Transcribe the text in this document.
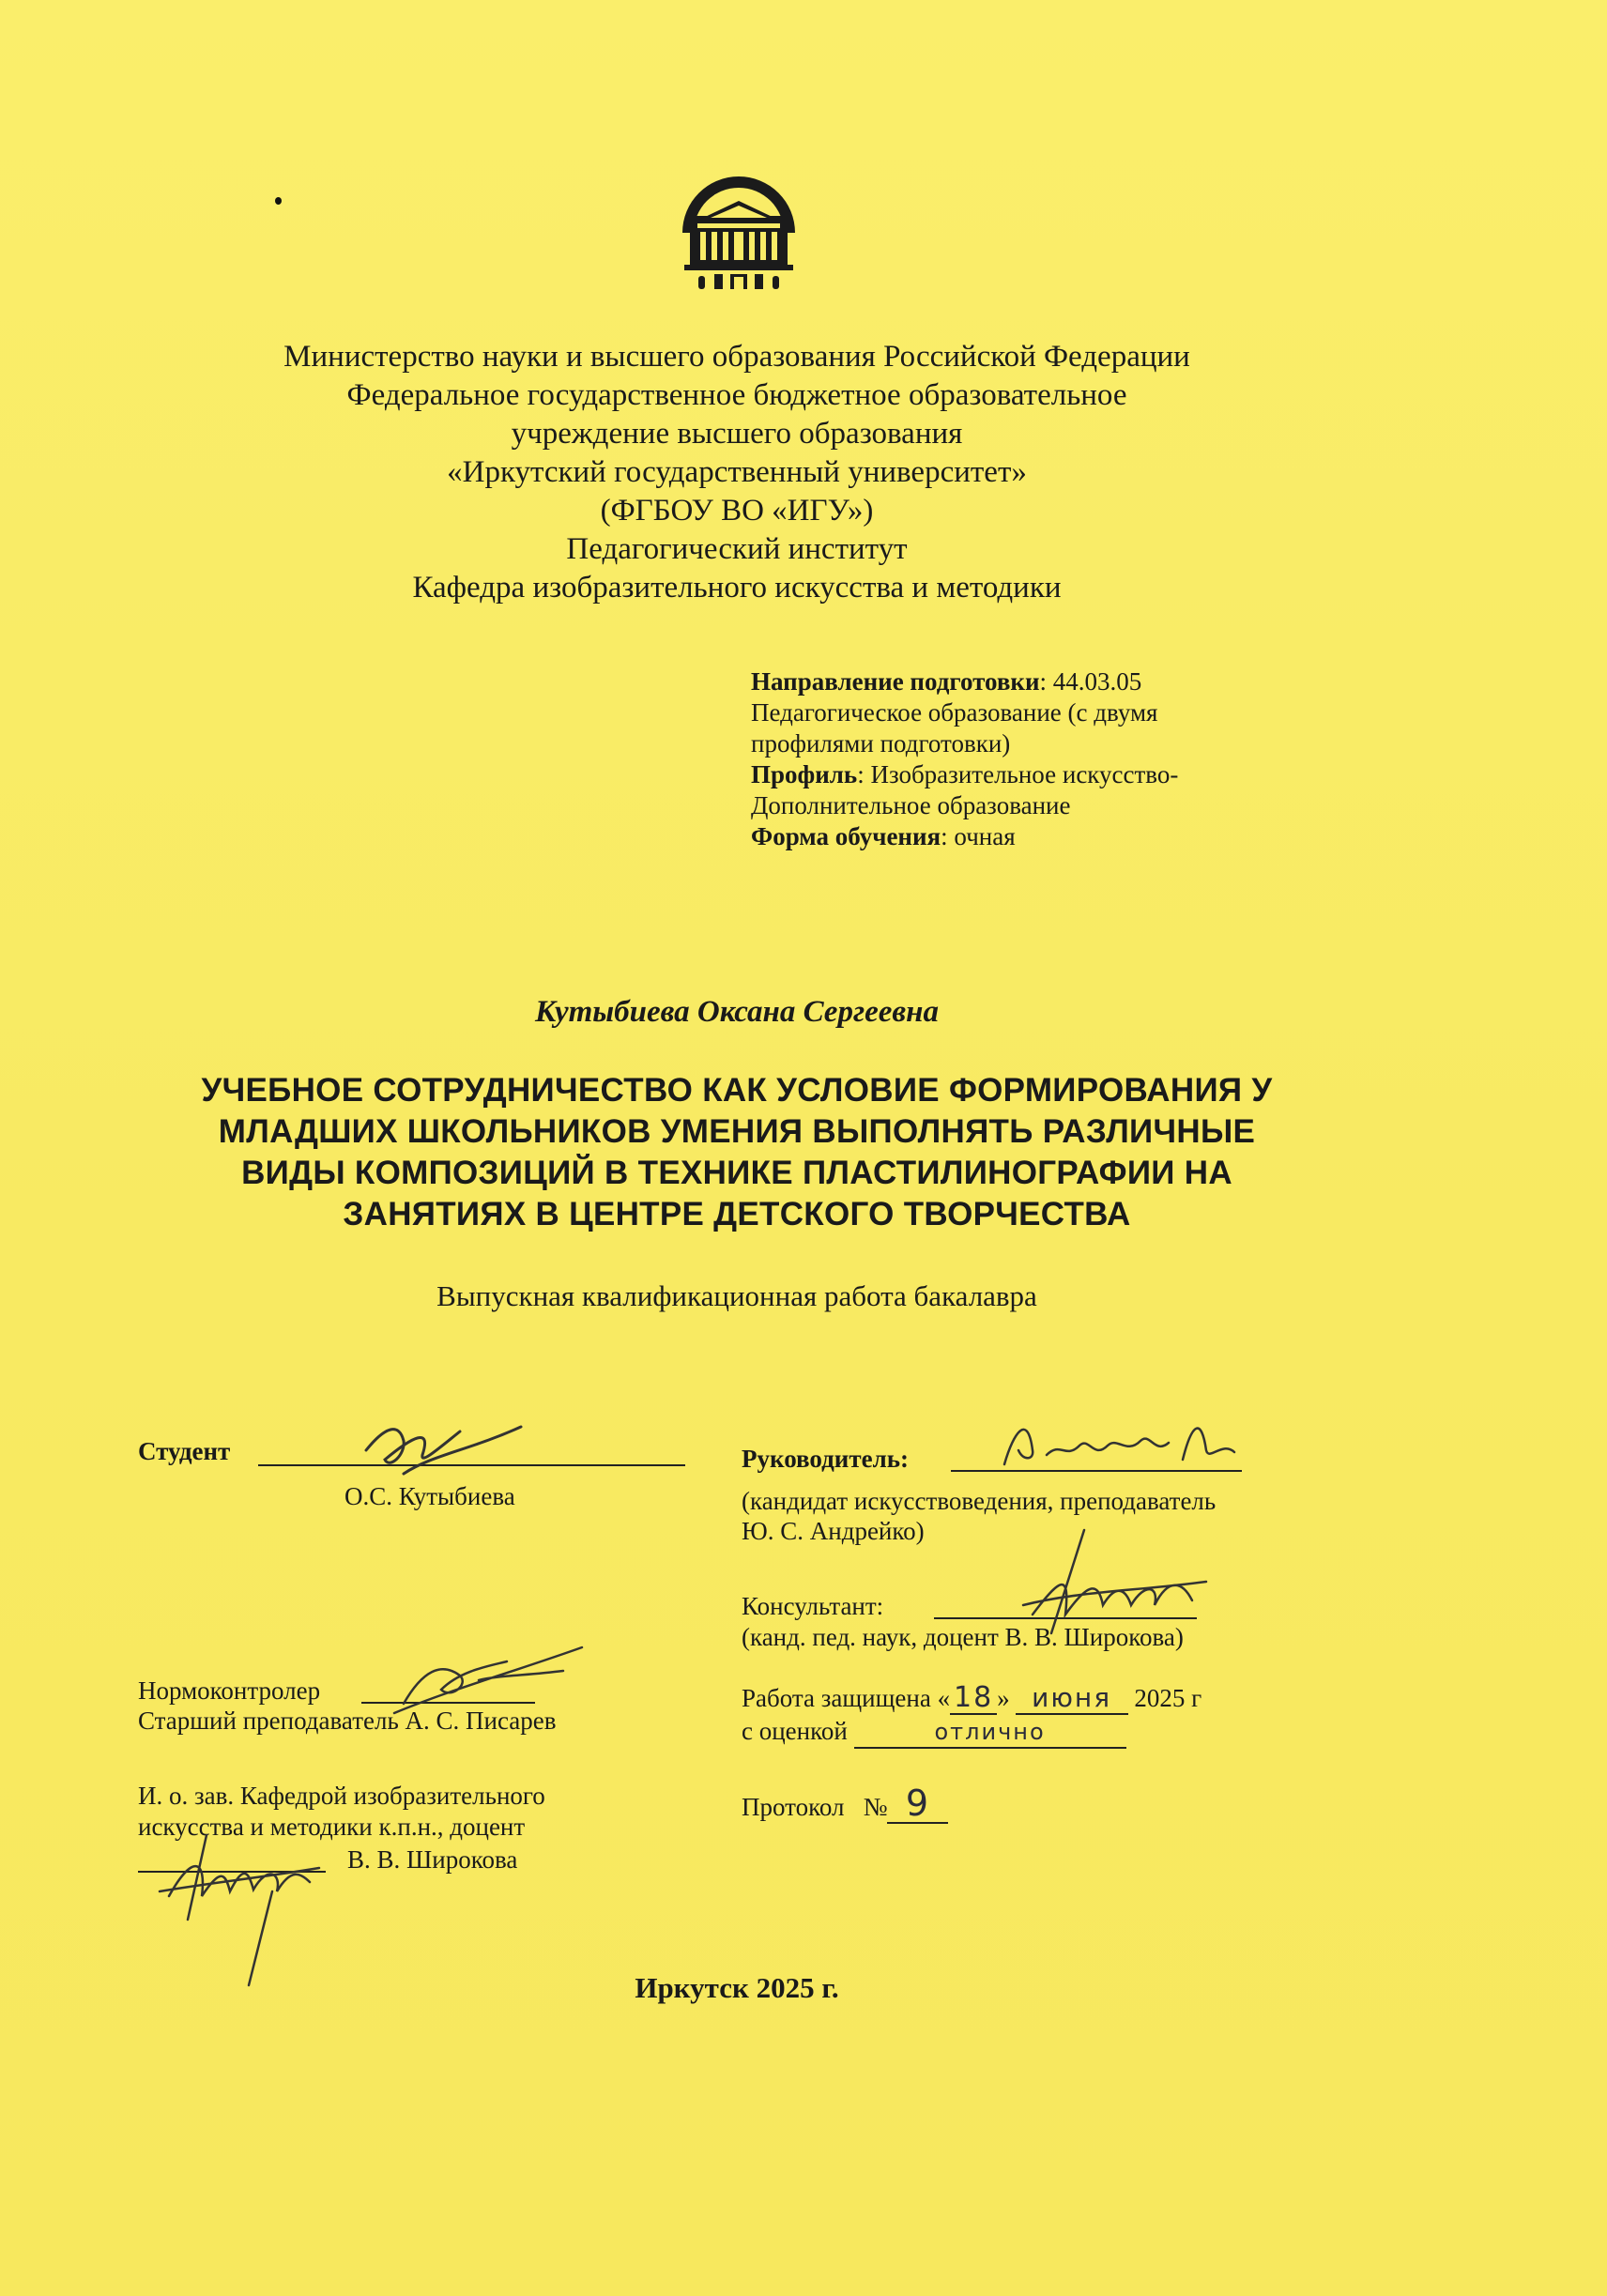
Министерство науки и высшего образования Российской Федерации
Федеральное государственное бюджетное образовательное
учреждение высшего образования
«Иркутский государственный университет»
(ФГБОУ ВО «ИГУ»)
Педагогический институт
Кафедра изобразительного искусства и методики
Направление подготовки: 44.03.05
Педагогическое образование (с двумя
профилями подготовки)
Профиль: Изобразительное искусство-
Дополнительное образование
Форма обучения: очная
Кутыбиева Оксана Сергеевна
УЧЕБНОЕ СОТРУДНИЧЕСТВО КАК УСЛОВИЕ ФОРМИРОВАНИЯ У
МЛАДШИХ ШКОЛЬНИКОВ УМЕНИЯ ВЫПОЛНЯТЬ РАЗЛИЧНЫЕ
ВИДЫ КОМПОЗИЦИЙ В ТЕХНИКЕ ПЛАСТИЛИНОГРАФИИ НА
ЗАНЯТИЯХ В ЦЕНТРЕ ДЕТСКОГО ТВОРЧЕСТВА
Выпускная квалификационная работа бакалавра
Студент
О.С. Кутыбиева
Руководитель:
(кандидат искусствоведения, преподаватель
Ю. С. Андрейко)
Консультант:
(канд. пед. наук, доцент В. В. Широкова)
Нормоконтролер
Старший преподаватель А. С. Писарев
Работа защищена « 18 » июня 2025 г
с оценкой	отлично
Протокол № 9
И. о. зав. Кафедрой изобразительного
искусства и методики к.п.н., доцент
В. В. Широкова
Иркутск 2025 г.
